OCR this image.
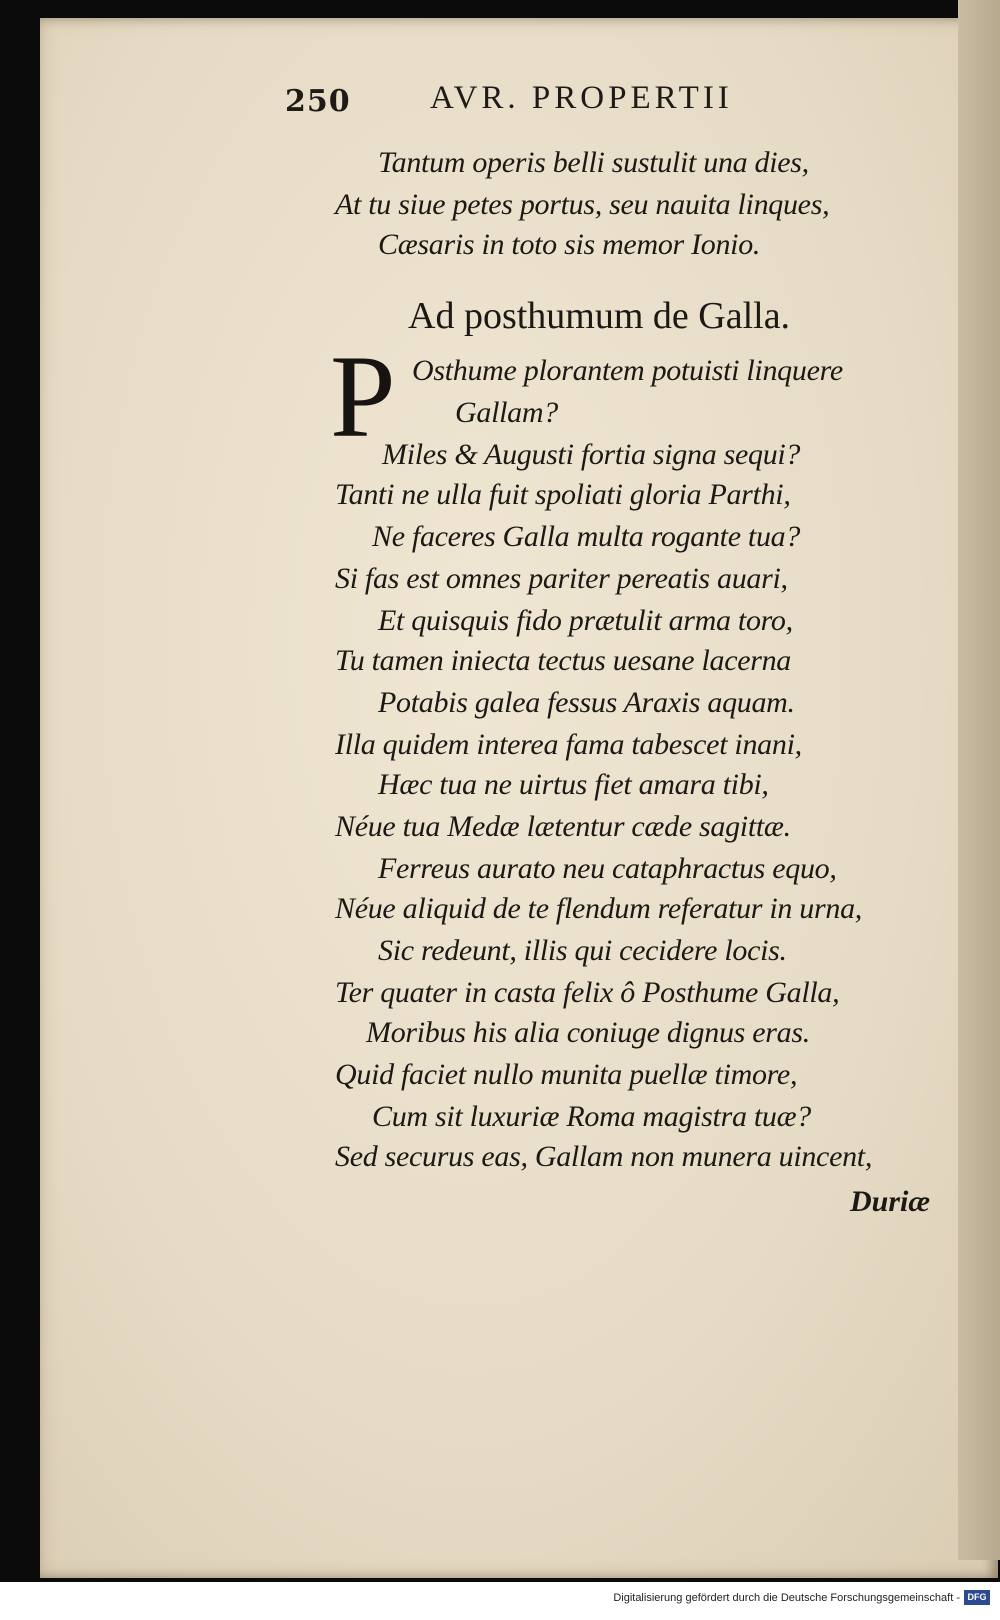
250 AVR. PROPERTII
Tantum operis belli sustulit una dies,
At tu siue petes portus, seu nauita linques,
Cæsaris in toto sis memor Ionio.
Ad posthumum de Galla.
P Osthume plorantem potuisti linquere
Gallam?
Miles & Augusti fortia signa sequi?
Tanti ne ulla fuit spoliati gloria Parthi,
Ne faceres Galla multa rogante tua?
Si fas est omnes pariter pereatis auari,
Et quisquis fido prætulit arma toro,
Tu tamen iniecta tectus uesane lacerna
Potabis galea fessus Araxis aquam.
Illa quidem interea fama tabescet inani,
Hæc tua ne uirtus fiet amara tibi,
Néue tua Medæ lætentur cæde sagittæ.
Ferreus aurato neu cataphractus equo,
Néue aliquid de te flendum referatur in urna,
Sic redeunt, illis qui cecidere locis.
Ter quater in casta felix ô Posthume Galla,
Moribus his alia coniuge dignus eras.
Quid faciet nullo munita puellæ timore,
Cum sit luxuriæ Roma magistra tuæ?
Sed securus eas, Gallam non munera uincent,
Duriæ
Digitalisierung gefördert durch die Deutsche Forschungsgemeinschaft - DFG
